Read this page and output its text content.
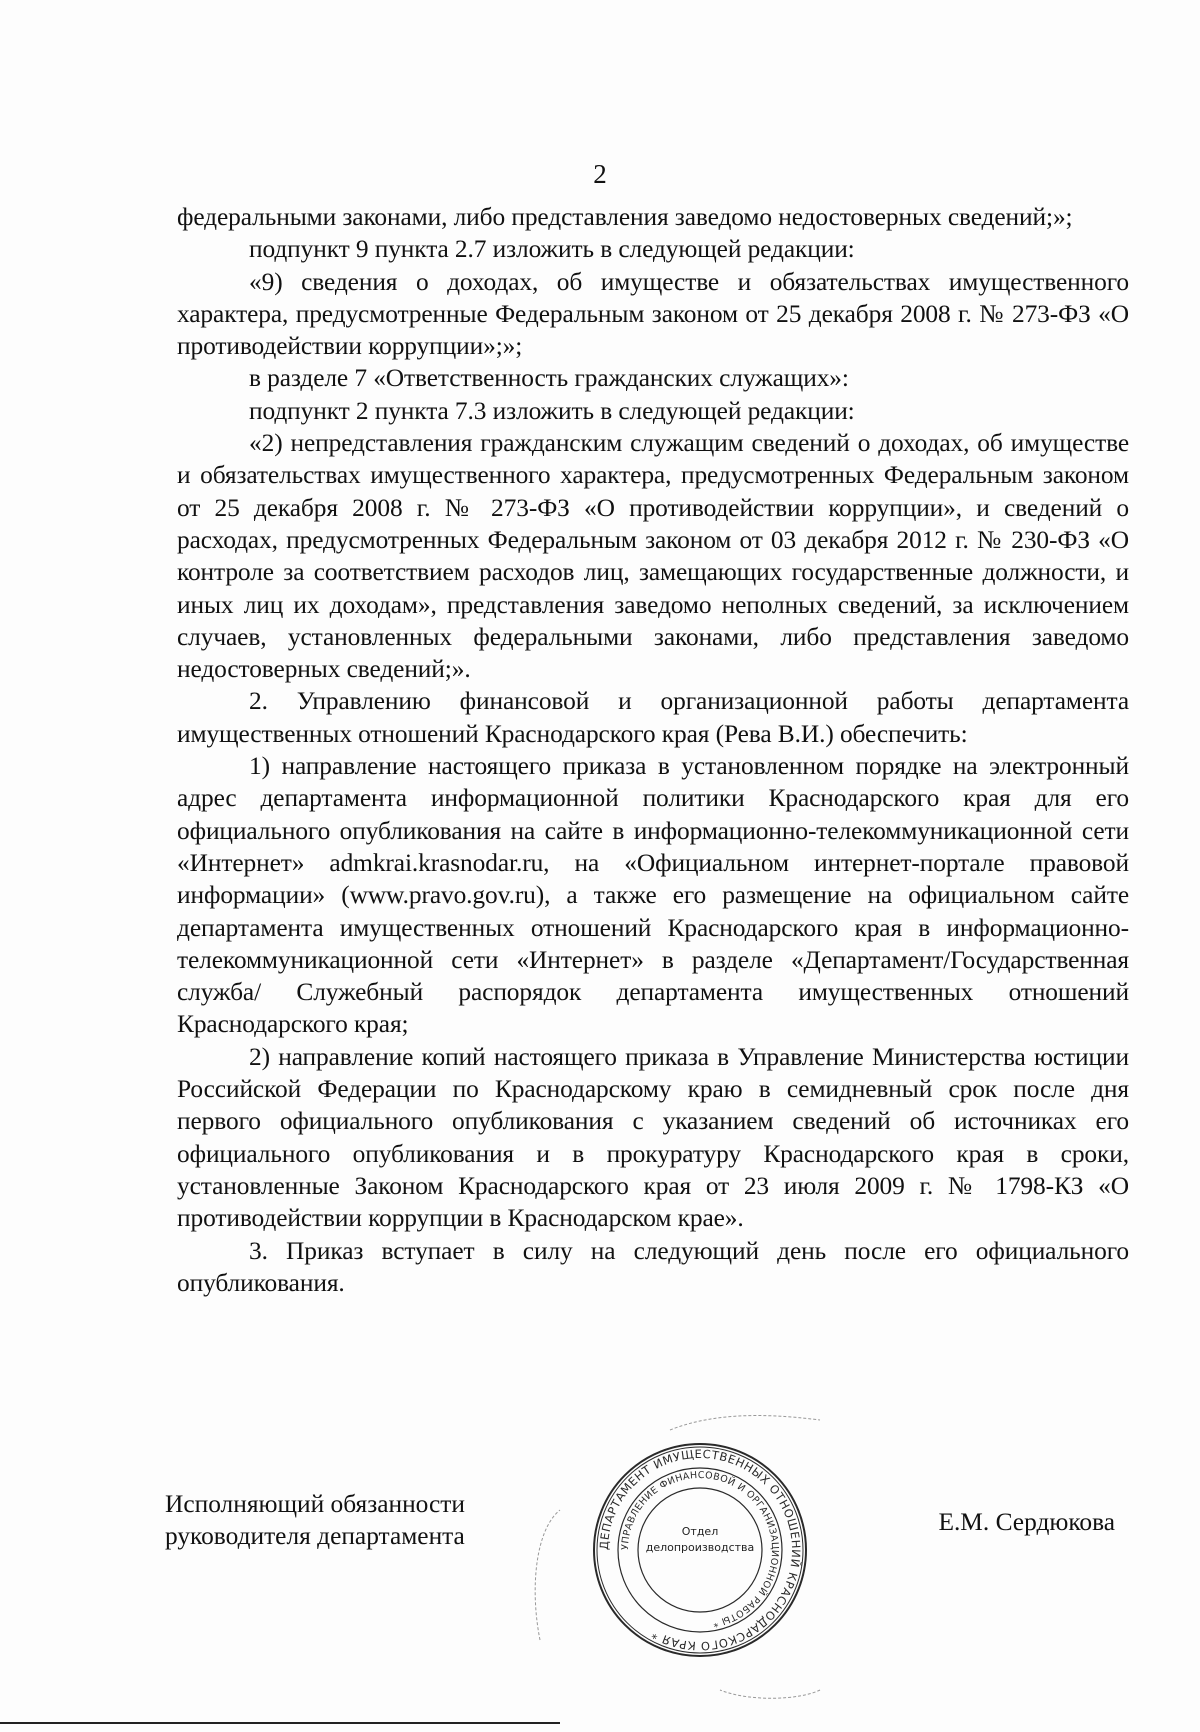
2

федеральными законами, либо представления заведомо недостоверных сведений;»;

подпункт 9 пункта 2.7 изложить в следующей редакции:

«9) сведения о доходах, об имуществе и обязательствах имущественного характера, предусмотренные Федеральным законом от 25 декабря 2008 г. № 273-ФЗ «О противодействии коррупции»;»;

в разделе 7 «Ответственность гражданских служащих»:

подпункт 2 пункта 7.3 изложить в следующей редакции:

«2) непредставления гражданским служащим сведений о доходах, об имуществе и обязательствах имущественного характера, предусмотренных Федеральным законом от 25 декабря 2008 г. № 273-ФЗ «О противодействии коррупции», и сведений о расходах, предусмотренных Федеральным законом от 03 декабря 2012 г. № 230-ФЗ «О контроле за соответствием расходов лиц, замещающих государственные должности, и иных лиц их доходам», представления заведомо неполных сведений, за исключением случаев, установленных федеральными законами, либо представления заведомо недостоверных сведений;».

2. Управлению финансовой и организационной работы департамента имущественных отношений Краснодарского края (Рева В.И.) обеспечить:

1) направление настоящего приказа в установленном порядке на электронный адрес департамента информационной политики Краснодарского края для его официального опубликования на сайте в информационно-телекоммуникационной сети «Интернет» admkrai.krasnodar.ru, на «Официальном интернет-портале правовой информации» (www.pravo.gov.ru), а также его размещение на официальном сайте департамента имущественных отношений Краснодарского края в информационно-телекоммуникационной сети «Интернет» в разделе «Департамент/Государственная служба/ Служебный распорядок департамента имущественных отношений Краснодарского края;

2) направление копий настоящего приказа в Управление Министерства юстиции Российской Федерации по Краснодарскому краю в семидневный срок после дня первого официального опубликования с указанием сведений об источниках его официального опубликования и в прокуратуру Краснодарского края в сроки, установленные Законом Краснодарского края от 23 июля 2009 г. № 1798-КЗ «О противодействии коррупции в Краснодарском крае».

3. Приказ вступает в силу на следующий день после его официального опубликования.

Исполняющий обязанности
руководителя департамента	Е.М. Сердюкова
ДЕПАРТАМЕНТ ИМУЩЕСТВЕННЫХ ОТНОШЕНИЙ КРАСНОДАРСКОГО КРАЯ *
УПРАВЛЕНИЕ ФИНАНСОВОЙ И ОРГАНИЗАЦИОННОЙ РАБОТЫ *
Отдел
делопроизводства
